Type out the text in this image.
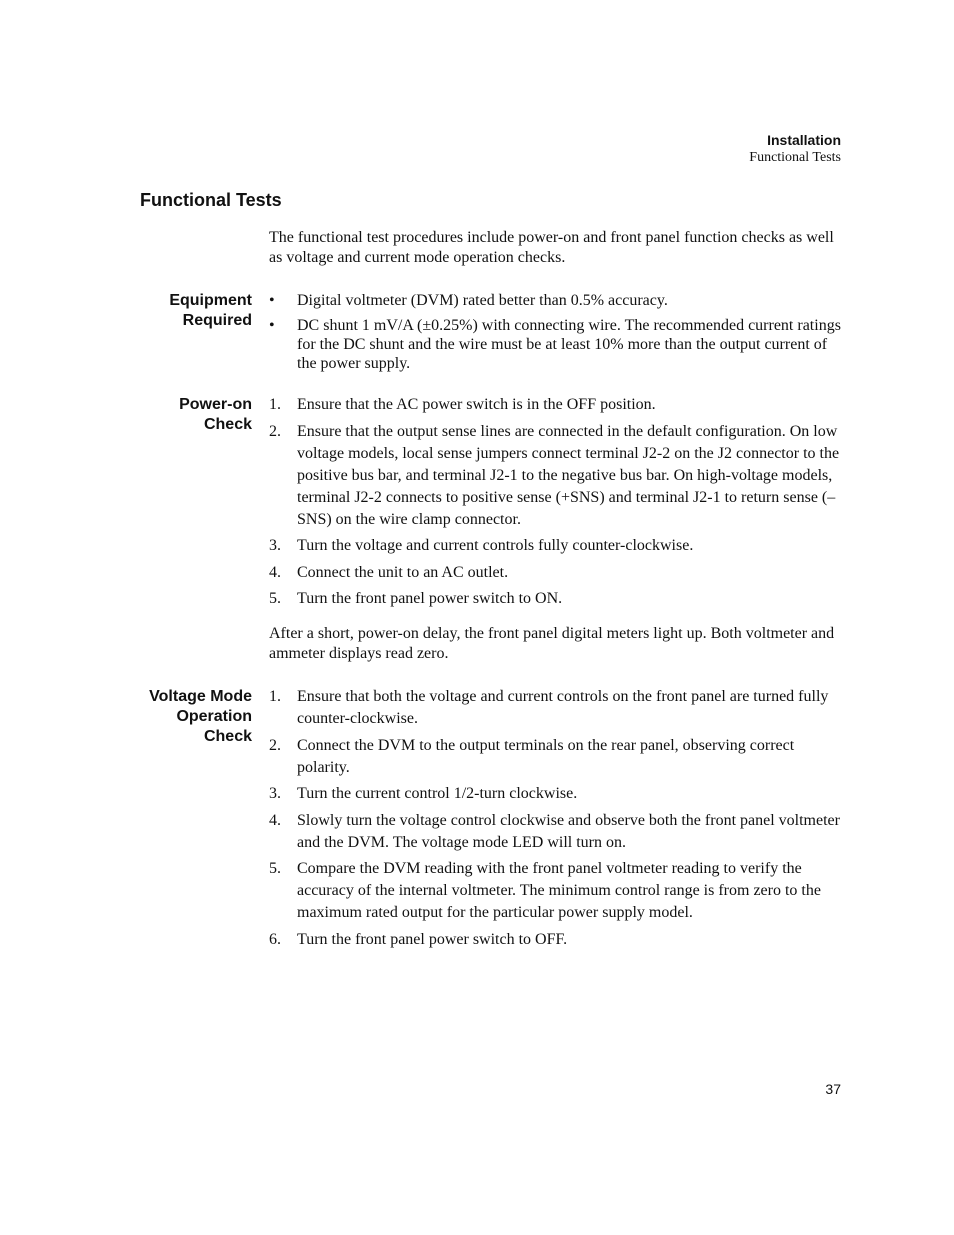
Installation
Functional Tests
Functional Tests

The functional test procedures include power-on and front panel function checks as well as voltage and current mode operation checks.

Equipment
Required
• Digital voltmeter (DVM) rated better than 0.5% accuracy.
• DC shunt 1 mV/A (±0.25%) with connecting wire. The recommended current ratings for the DC shunt and the wire must be at least 10% more than the output current of the power supply.
Power-on
Check
1.	Ensure that the AC power switch is in the OFF position.
2.	Ensure that the output sense lines are connected in the default configuration. On low voltage models, local sense jumpers connect terminal J2-2 on the J2 connector to the positive bus bar, and terminal J2-1 to the negative bus bar. On high-voltage models, terminal J2-2 connects to positive sense (+SNS) and terminal J2-1 to return sense (–SNS) on the wire clamp connector.
3.	Turn the voltage and current controls fully counter-clockwise.
4.	Connect the unit to an AC outlet.
5.	Turn the front panel power switch to ON.

After a short, power-on delay, the front panel digital meters light up. Both voltmeter and ammeter displays read zero.

Voltage Mode
Operation
Check
1.	Ensure that both the voltage and current controls on the front panel are turned fully counter-clockwise.
2.	Connect the DVM to the output terminals on the rear panel, observing correct polarity.
3.	Turn the current control 1/2-turn clockwise.
4.	Slowly turn the voltage control clockwise and observe both the front panel voltmeter and the DVM. The voltage mode LED will turn on.
5.	Compare the DVM reading with the front panel voltmeter reading to verify the accuracy of the internal voltmeter. The minimum control range is from zero to the maximum rated output for the particular power supply model.
6.	Turn the front panel power switch to OFF.
37
